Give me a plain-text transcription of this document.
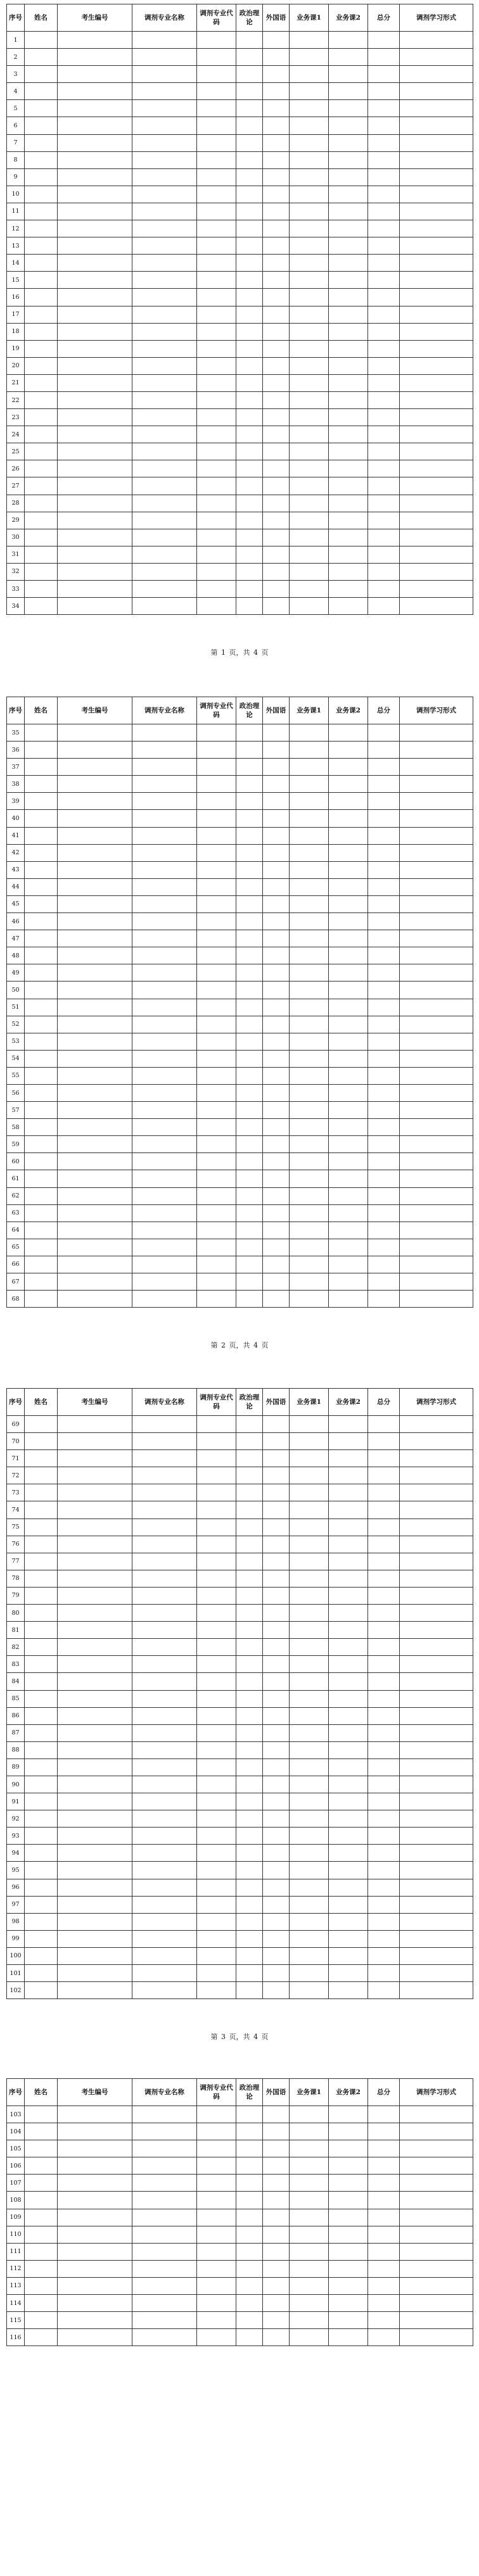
序号	姓名	考生编号	调剂专业名称	调剂专业代码	政治理论	外国语	业务课1	业务课2	总分	调剂学习形式
1										
2										
3										
4										
5										
6										
7										
8										
9										
10										
11										
12										
13										
14										
15										
16										
17										
18										
19										
20										
21										
22										
23										
24										
25										
26										
27										
28										
29										
30										
31										
32										
33										
34										
第 1 页，共 4 页
序号	姓名	考生编号	调剂专业名称	调剂专业代码	政治理论	外国语	业务课1	业务课2	总分	调剂学习形式
35										
36										
37										
38										
39										
40										
41										
42										
43										
44										
45										
46										
47										
48										
49										
50										
51										
52										
53										
54										
55										
56										
57										
58										
59										
60										
61										
62										
63										
64										
65										
66										
67										
68										
第 2 页，共 4 页
序号	姓名	考生编号	调剂专业名称	调剂专业代码	政治理论	外国语	业务课1	业务课2	总分	调剂学习形式
69										
70										
71										
72										
73										
74										
75										
76										
77										
78										
79										
80										
81										
82										
83										
84										
85										
86										
87										
88										
89										
90										
91										
92										
93										
94										
95										
96										
97										
98										
99										
100										
101										
102										
第 3 页，共 4 页
序号	姓名	考生编号	调剂专业名称	调剂专业代码	政治理论	外国语	业务课1	业务课2	总分	调剂学习形式
103										
104										
105										
106										
107										
108										
109										
110										
111										
112										
113										
114										
115										
116										
